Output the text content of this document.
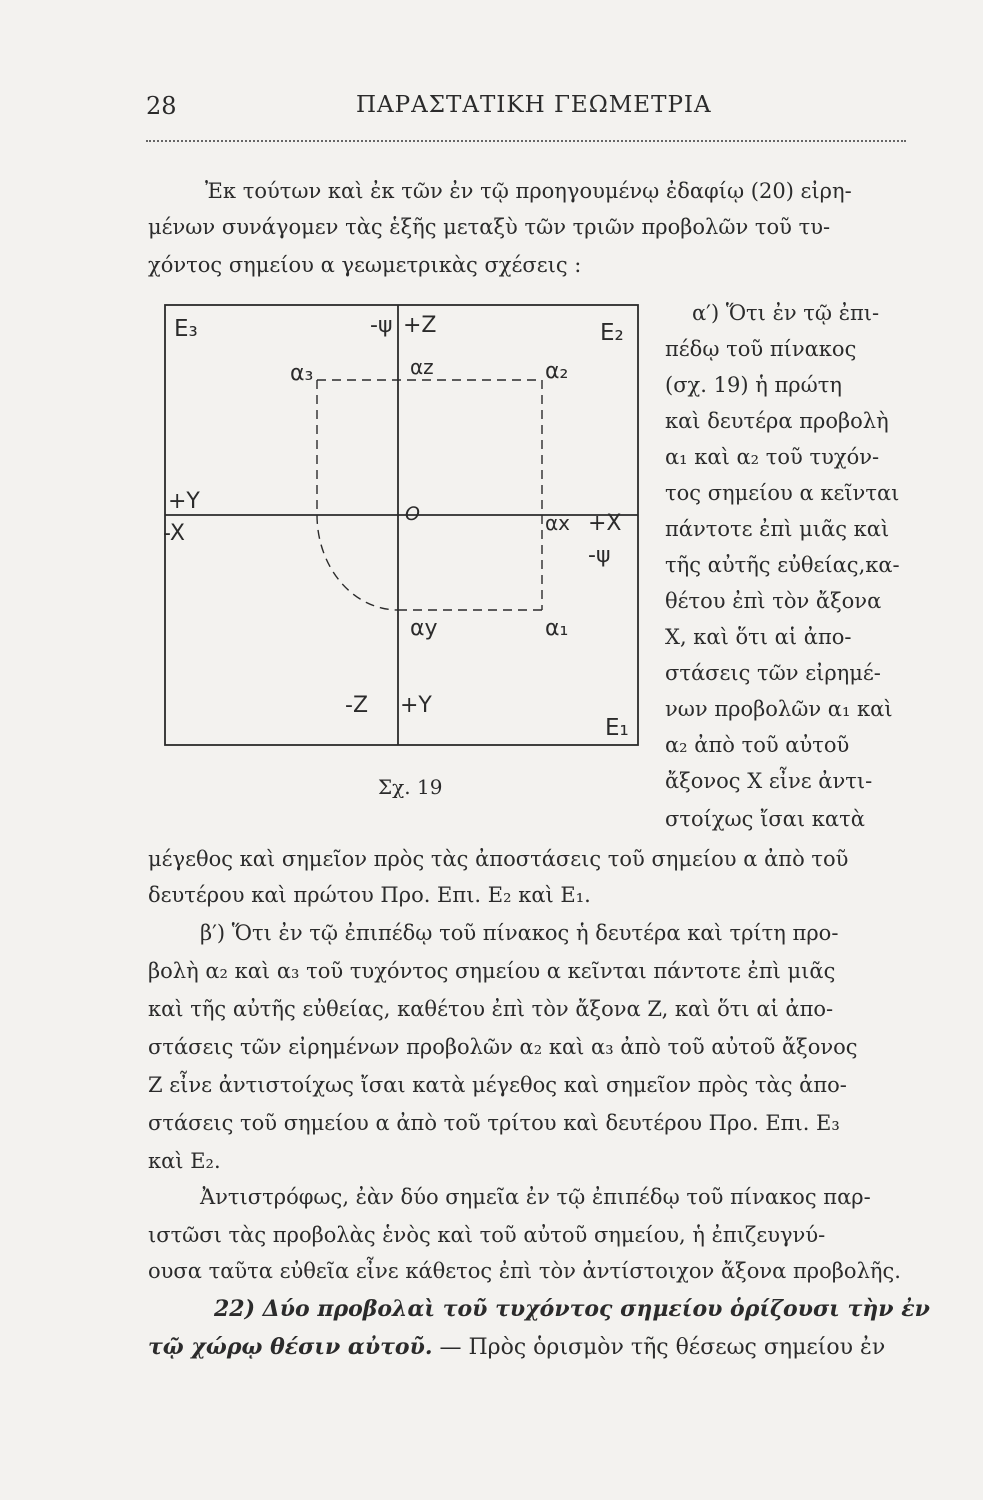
28	ΠΑΡΑΣΤΑΤΙΚΗ ΓΕΩΜΕΤΡΙΑ
Ἐκ τούτων καὶ ἐκ τῶν ἐν τῷ προηγουμένῳ ἐδαφίῳ (20) εἰρη-
μένων συνάγομεν τὰς ἑξῆς μεταξὺ τῶν τριῶν προβολῶν τοῦ τυ-
χόντος σημείου α γεωμετρικὰς σχέσεις :
E₃	E₂
E₁
-ψ +Z
α₃	αz	α₂
+Y
-X
O	αx +X
-ψ
αy	α₁
-Z +Y
Σχ. 19
α′) Ὅτι ἐν τῷ ἐπι-
πέδῳ τοῦ πίνακος
(σχ. 19) ἡ πρώτη
καὶ δευτέρα προβολὴ
α₁ καὶ α₂ τοῦ τυχόν-
τος σημείου α κεῖνται
πάντοτε ἐπὶ μιᾶς καὶ
τῆς αὐτῆς εὐθείας,κα-
θέτου ἐπὶ τὸν ἄξονα
X, καὶ ὅτι αἱ ἀπο-
στάσεις τῶν εἰρημέ-
νων προβολῶν α₁ καὶ
α₂ ἀπὸ τοῦ αὐτοῦ
ἄξονος X εἶνε ἀντι-
στοίχως ἴσαι κατὰ
μέγεθος καὶ σημεῖον πρὸς τὰς ἀποστάσεις τοῦ σημείου α ἀπὸ τοῦ
δευτέρου καὶ πρώτου Προ. Επι. E₂ καὶ E₁.
β′) Ὅτι ἐν τῷ ἐπιπέδῳ τοῦ πίνακος ἡ δευτέρα καὶ τρίτη προ-
βολὴ α₂ καὶ α₃ τοῦ τυχόντος σημείου α κεῖνται πάντοτε ἐπὶ μιᾶς
καὶ τῆς αὐτῆς εὐθείας, καθέτου ἐπὶ τὸν ἄξονα Z, καὶ ὅτι αἱ ἀπο-
στάσεις τῶν εἰρημένων προβολῶν α₂ καὶ α₃ ἀπὸ τοῦ αὐτοῦ ἄξονος
Z εἶνε ἀντιστοίχως ἴσαι κατὰ μέγεθος καὶ σημεῖον πρὸς τὰς ἀπο-
στάσεις τοῦ σημείου α ἀπὸ τοῦ τρίτου καὶ δευτέρου Προ. Επι. E₃
καὶ E₂.
Ἀντιστρόφως, ἐὰν δύο σημεῖα ἐν τῷ ἐπιπέδῳ τοῦ πίνακος παρ-
ιστῶσι τὰς προβολὰς ἑνὸς καὶ τοῦ αὐτοῦ σημείου, ἡ ἐπιζευγνύ-
ουσα ταῦτα εὐθεῖα εἶνε κάθετος ἐπὶ τὸν ἀντίστοιχον ἄξονα προβολῆς.
22) Δύο προβολαὶ τοῦ τυχόντος σημείου ὁρίζουσι τὴν ἐν
τῷ χώρῳ θέσιν αὐτοῦ. — Πρὸς ὁρισμὸν τῆς θέσεως σημείου ἐν
